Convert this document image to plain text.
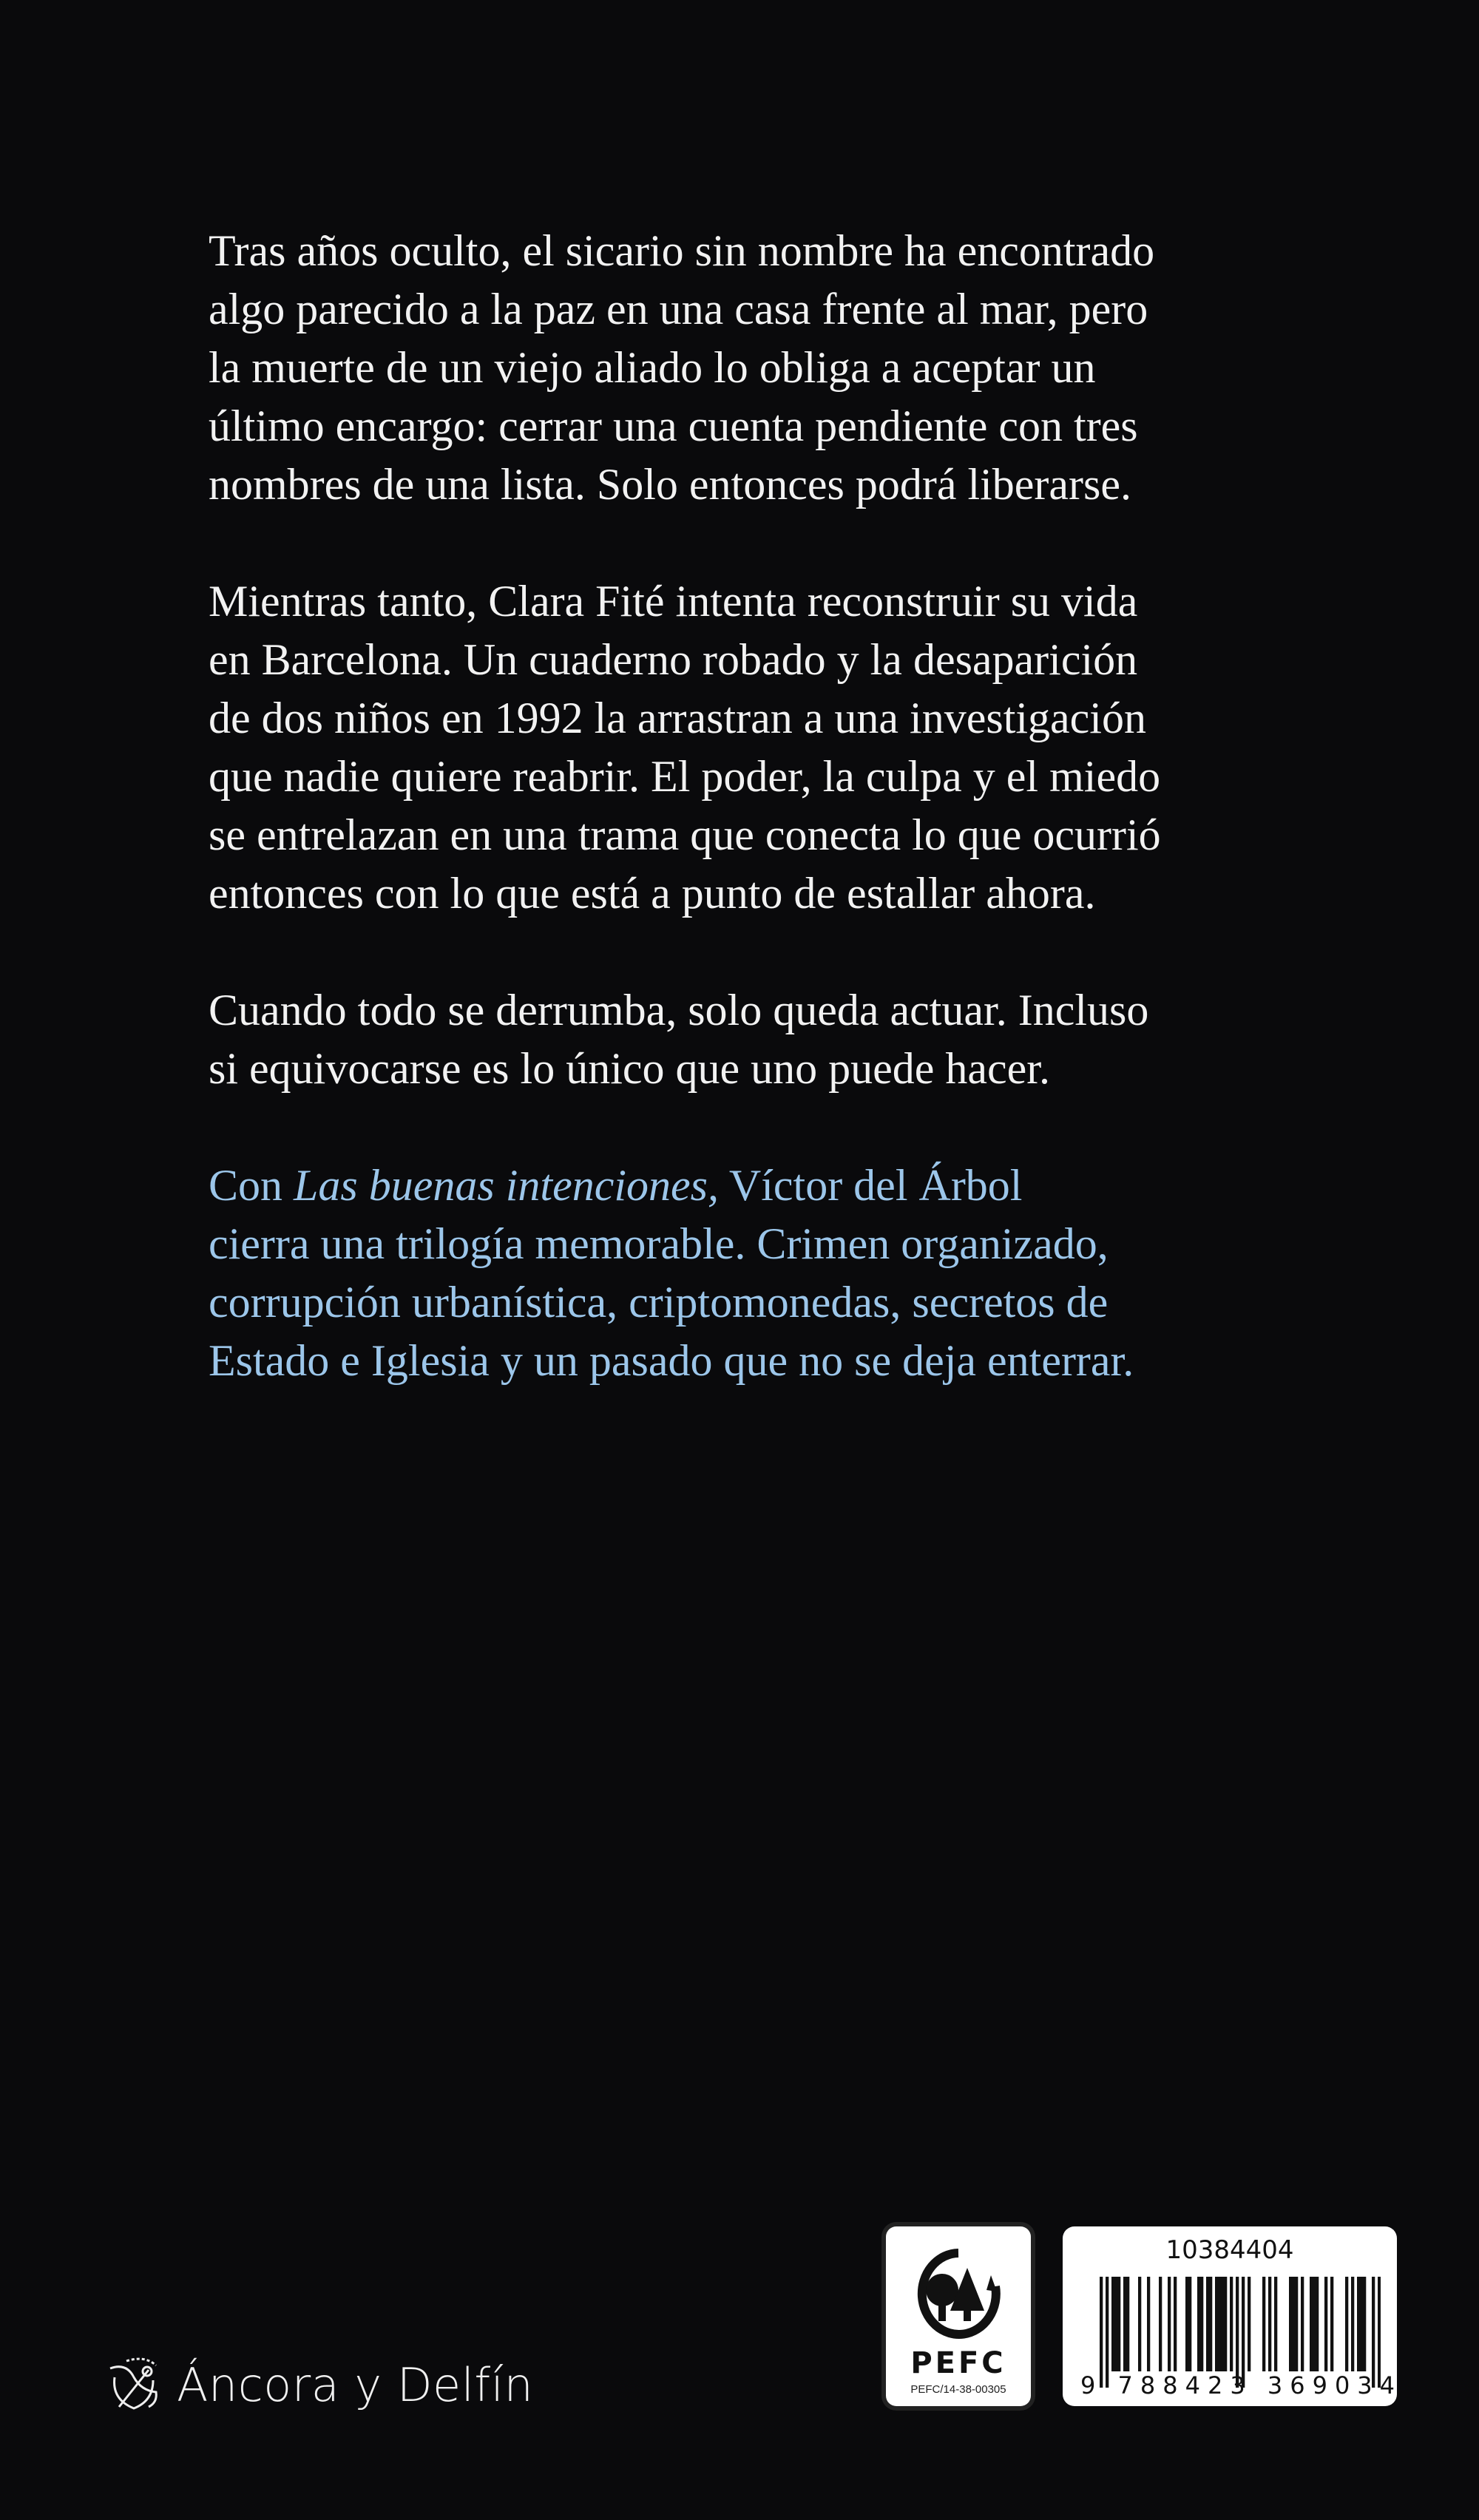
Tras años oculto, el sicario sin nombre ha encontrado
algo parecido a la paz en una casa frente al mar, pero
la muerte de un viejo aliado lo obliga a aceptar un
último encargo: cerrar una cuenta pendiente con tres
nombres de una lista. Solo entonces podrá liberarse.

Mientras tanto, Clara Fité intenta reconstruir su vida
en Barcelona. Un cuaderno robado y la desaparición
de dos niños en 1992 la arrastran a una investigación
que nadie quiere reabrir. El poder, la culpa y el miedo
se entrelazan en una trama que conecta lo que ocurrió
entonces con lo que está a punto de estallar ahora.

Cuando todo se derrumba, solo queda actuar. Incluso
si equivocarse es lo único que uno puede hacer.

Con Las buenas intenciones, Víctor del Árbol
cierra una trilogía memorable. Crimen organizado,
corrupción urbanística, criptomonedas, secretos de
Estado e Iglesia y un pasado que no se deja enterrar.

Áncora y Delfín	PEFC
PEFC/14-38-00305
10384404
9 788423 369034
